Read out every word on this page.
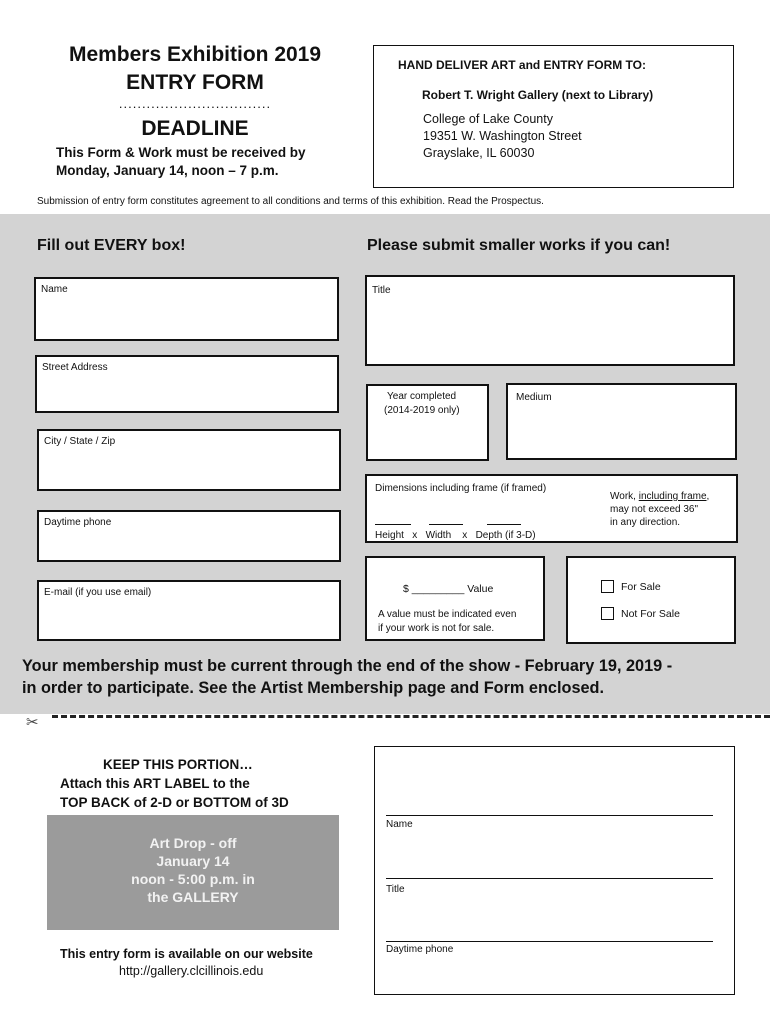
Members Exhibition 2019
ENTRY FORM
.................................
DEADLINE
This Form & Work must be received by
Monday, January 14, noon – 7 p.m.
HAND DELIVER ART and ENTRY FORM TO:
Robert T. Wright Gallery (next to Library)
College of Lake County
19351 W. Washington Street
Grayslake, IL 60030
Submission of entry form constitutes agreement to all conditions and terms of this exhibition. Read the Prospectus.
Fill out EVERY box!	Please submit smaller works if you can!
Name
Street Address
City / State / Zip
Daytime phone
E-mail (if you use email)
Title
Year completed
(2014-2019 only)
Medium
Dimensions including frame (if framed)
Height   x   Width    x   Depth (if 3-D)
Work, including frame,
may not exceed 36"
in any direction.
$ _________ Value
A value must be indicated even
if your work is not for sale.
For Sale
Not For Sale
Your membership must be current through the end of the show - February 19, 2019 -
in order to participate. See the Artist Membership page and Form enclosed.
✂
KEEP THIS PORTION…
Attach this ART LABEL to the
TOP BACK of 2-D or BOTTOM of 3D
Art Drop - off
January 14
noon - 5:00 p.m. in
the GALLERY
This entry form is available on our website
http://gallery.clcillinois.edu
Name
Title
Daytime phone
